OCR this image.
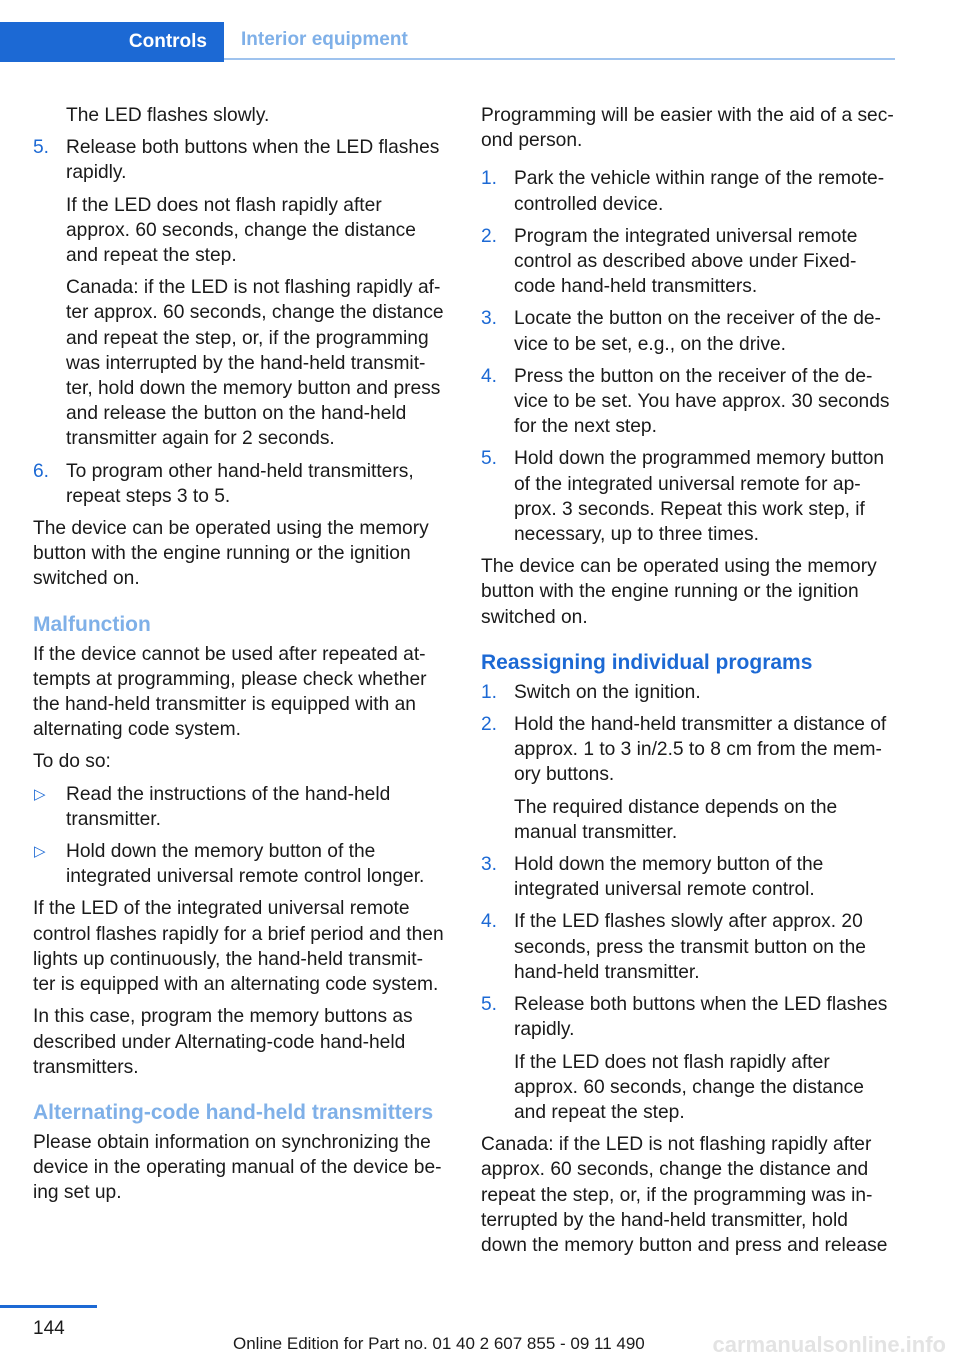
Controls	Interior equipment
The LED flashes slowly.
5. Release both buttons when the LED flashes rapidly.
If the LED does not flash rapidly after approx. 60 seconds, change the distance and repeat the step.
Canada: if the LED is not flashing rapidly af‐ ter approx. 60 seconds, change the distance and repeat the step, or, if the programming was interrupted by the hand-held transmit‐ ter, hold down the memory button and press and release the button on the hand-held transmitter again for 2 seconds.
6. To program other hand-held transmitters, repeat steps 3 to 5.

The device can be operated using the memory button with the engine running or the ignition switched on.

Malfunction

If the device cannot be used after repeated at‐ tempts at programming, please check whether the hand-held transmitter is equipped with an alternating code system.

To do so:

▷ Read the instructions of the hand-held transmitter.
▷ Hold down the memory button of the integrated universal remote control longer.

If the LED of the integrated universal remote control flashes rapidly for a brief period and then lights up continuously, the hand-held transmit‐ ter is equipped with an alternating code system.

In this case, program the memory buttons as described under Alternating-code hand-held transmitters.

Alternating-code hand-held transmitters

Please obtain information on synchronizing the device in the operating manual of the device be‐ ing set up.

Programming will be easier with the aid of a sec‐ ond person.

1. Park the vehicle within range of the remote-controlled device.
2. Program the integrated universal remote control as described above under Fixed-code hand-held transmitters.
3. Locate the button on the receiver of the de‐ vice to be set, e.g., on the drive.
4. Press the button on the receiver of the de‐ vice to be set. You have approx. 30 seconds for the next step.
5. Hold down the programmed memory button of the integrated universal remote for ap‐ prox. 3 seconds. Repeat this work step, if necessary, up to three times.

The device can be operated using the memory button with the engine running or the ignition switched on.

Reassigning individual programs
1. Switch on the ignition.
2. Hold the hand-held transmitter a distance of approx. 1 to 3 in/2.5 to 8 cm from the mem‐ ory buttons.
The required distance depends on the manual transmitter.
3. Hold down the memory button of the integrated universal remote control.
4. If the LED flashes slowly after approx. 20 seconds, press the transmit button on the hand-held transmitter.
5. Release both buttons when the LED flashes rapidly.
If the LED does not flash rapidly after approx. 60 seconds, change the distance and repeat the step.

Canada: if the LED is not flashing rapidly after approx. 60 seconds, change the distance and repeat the step, or, if the programming was in‐ terrupted by the hand-held transmitter, hold down the memory button and press and release

144
Online Edition for Part no. 01 40 2 607 855 - 09 11 490	carmanualsonline.info
